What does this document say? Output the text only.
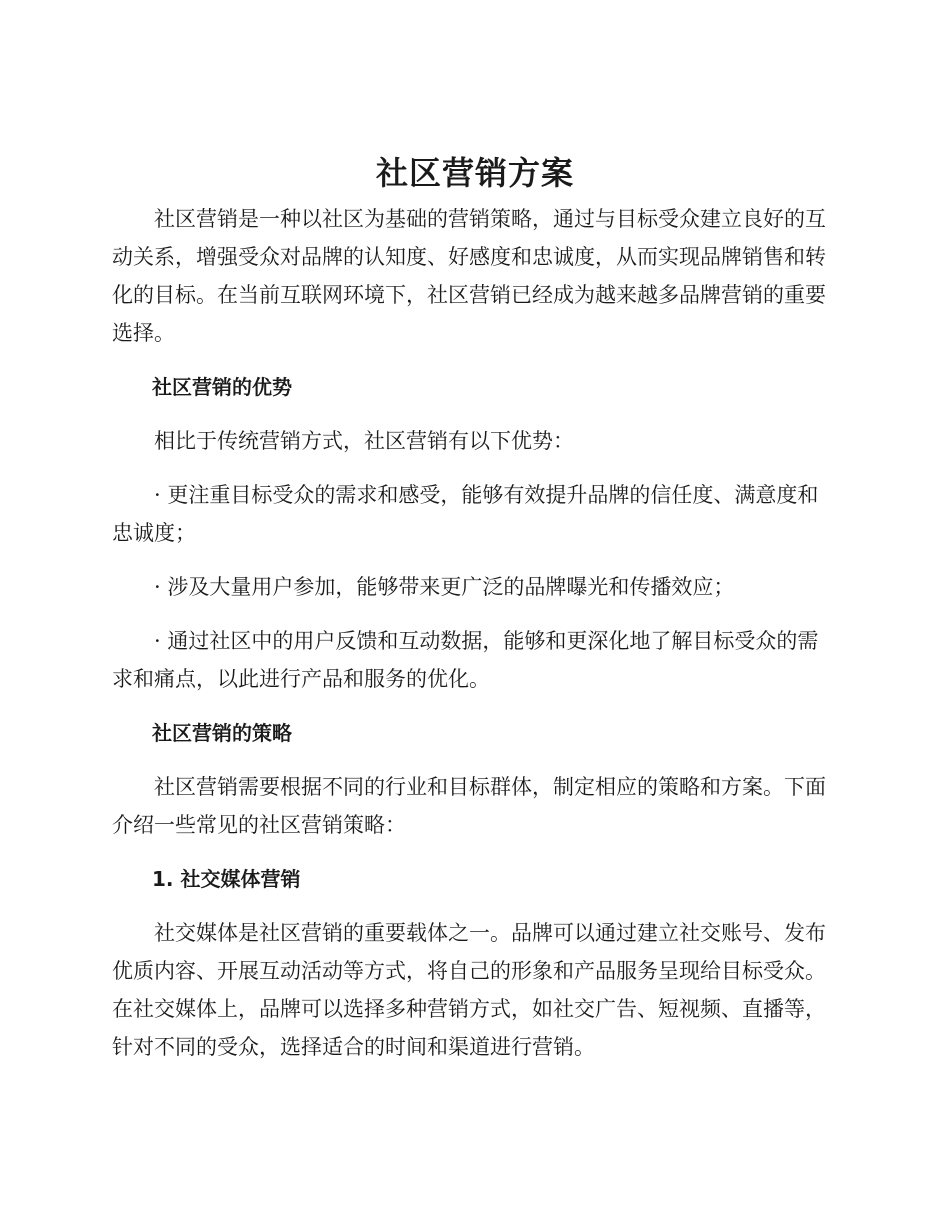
社区营销方案

社区营销是一种以社区为基础的营销策略，通过与目标受众建立良好的互动关系，增强受众对品牌的认知度、好感度和忠诚度，从而实现品牌销售和转化的目标。在当前互联网环境下，社区营销已经成为越来越多品牌营销的重要选择。

社区营销的优势

相比于传统营销方式，社区营销有以下优势：

· 更注重目标受众的需求和感受，能够有效提升品牌的信任度、满意度和忠诚度；

· 涉及大量用户参加，能够带来更广泛的品牌曝光和传播效应；

· 通过社区中的用户反馈和互动数据，能够和更深化地了解目标受众的需求和痛点，以此进行产品和服务的优化。

社区营销的策略

社区营销需要根据不同的行业和目标群体，制定相应的策略和方案。下面介绍一些常见的社区营销策略：

1. 社交媒体营销

社交媒体是社区营销的重要载体之一。品牌可以通过建立社交账号、发布优质内容、开展互动活动等方式，将自己的形象和产品服务呈现给目标受众。在社交媒体上，品牌可以选择多种营销方式，如社交广告、短视频、直播等，针对不同的受众，选择适合的时间和渠道进行营销。
